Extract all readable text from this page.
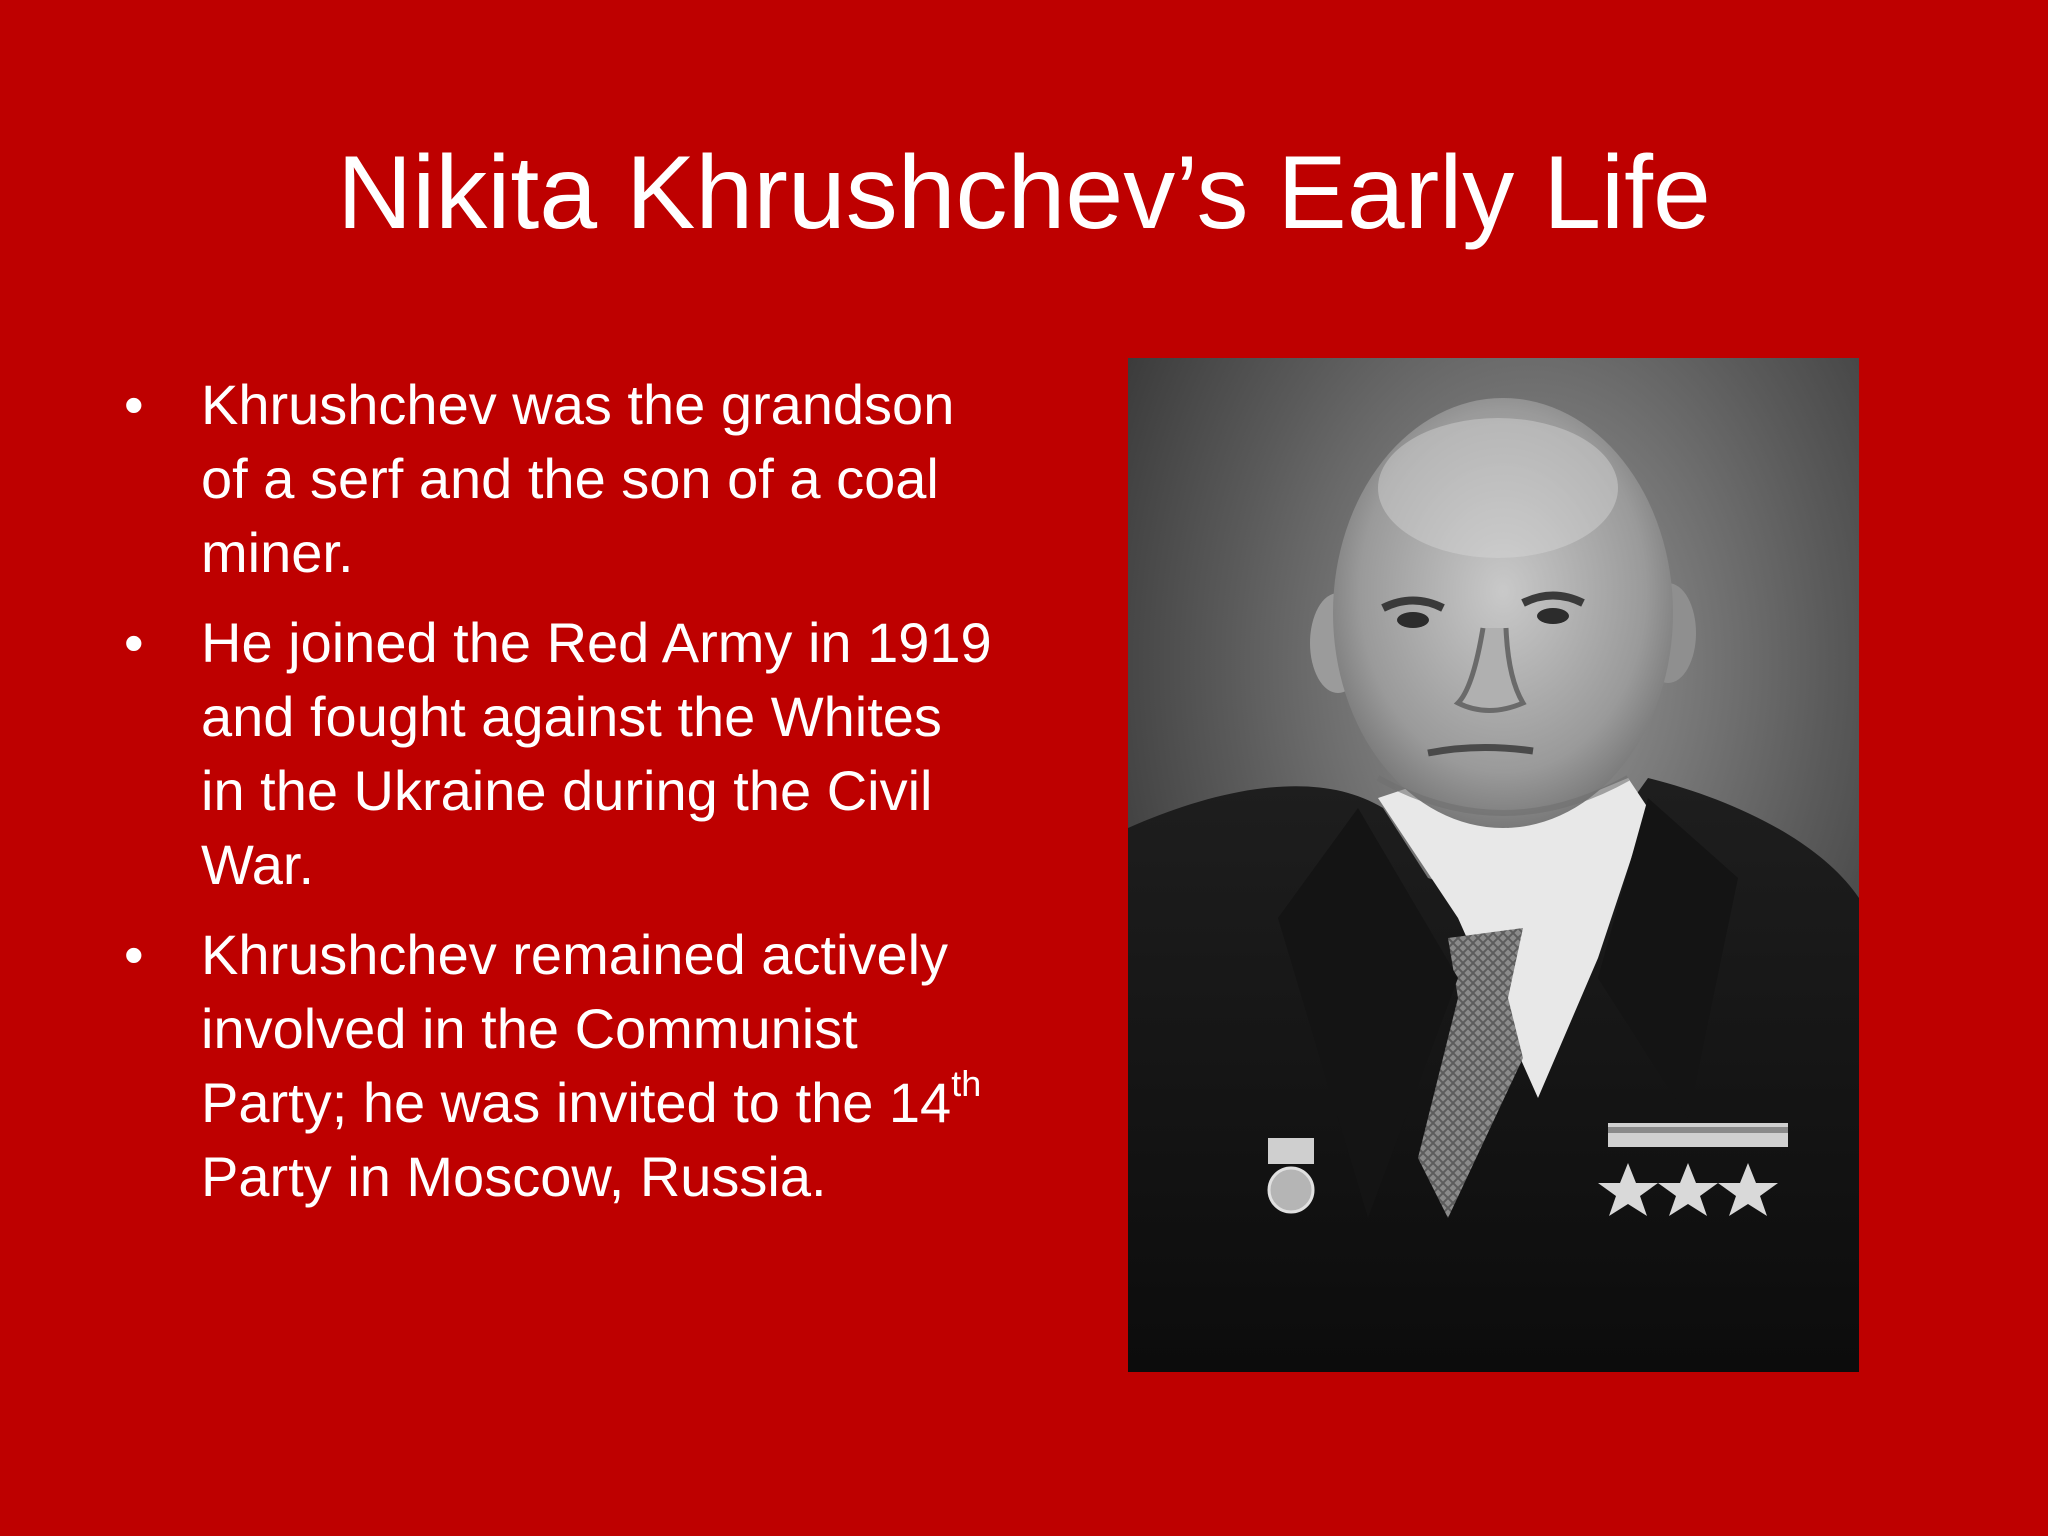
Nikita Khrushchev’s Early Life
• Khrushchev was the grandson of a serf and the son of a coal miner.
• He joined the Red Army in 1919 and fought against the Whites in the Ukraine during the Civil War.
• Khrushchev remained actively involved in the Communist Party; he was invited to the 14th Party in Moscow, Russia.
